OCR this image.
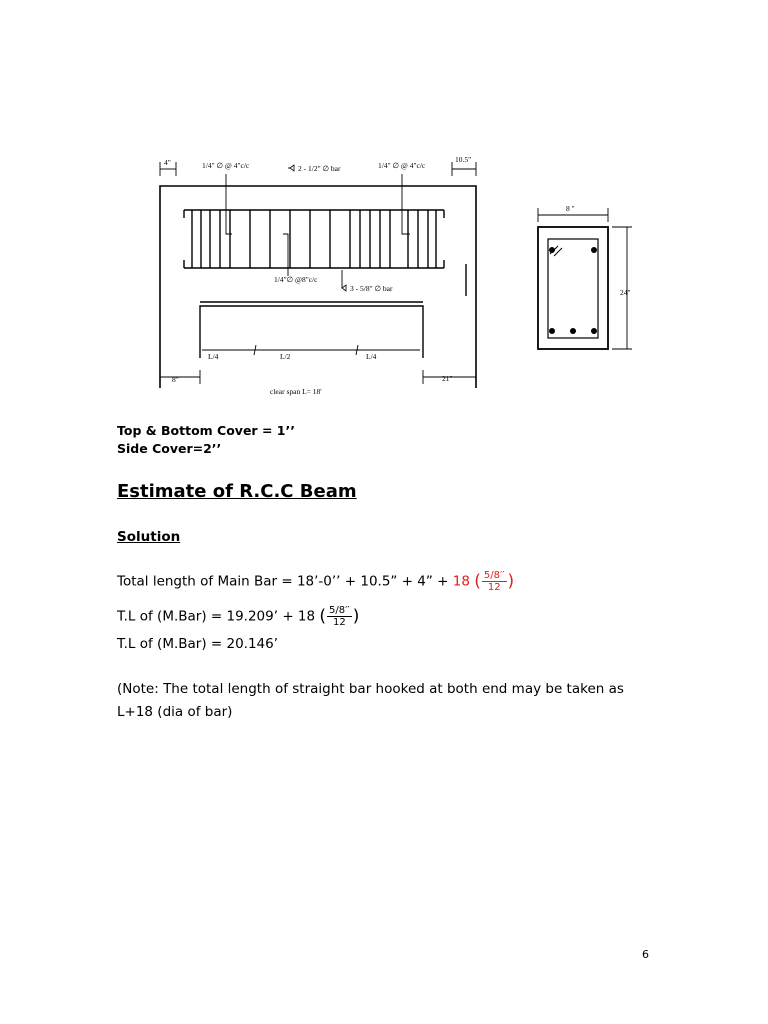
4"	1/4" ∅ @ 4"c/c	2 - 1/2" ∅ bar	1/4" ∅ @ 4"c/c
10.5"
1/4"∅ @8"c/c
3 - 5/8" ∅ bar
L/4	L/2	L/4
8"
clear span L= 18'
21"
8 "
24"

Top & Bottom Cover = 1’’

Side Cover=2’’

Estimate of R.C.C Beam

Solution

Total length of Main Bar = 18’-0’’ + 10.5” + 4” + 18 ( $\frac{5/8''}{12}$ )
T.L of (M.Bar) = 19.209’ + 18 ( $\frac{5/8''}{12}$ )
T.L of (M.Bar) = 20.146’
(Note: The total length of straight bar hooked at both end may be taken as
L+18 (dia of bar)
6
